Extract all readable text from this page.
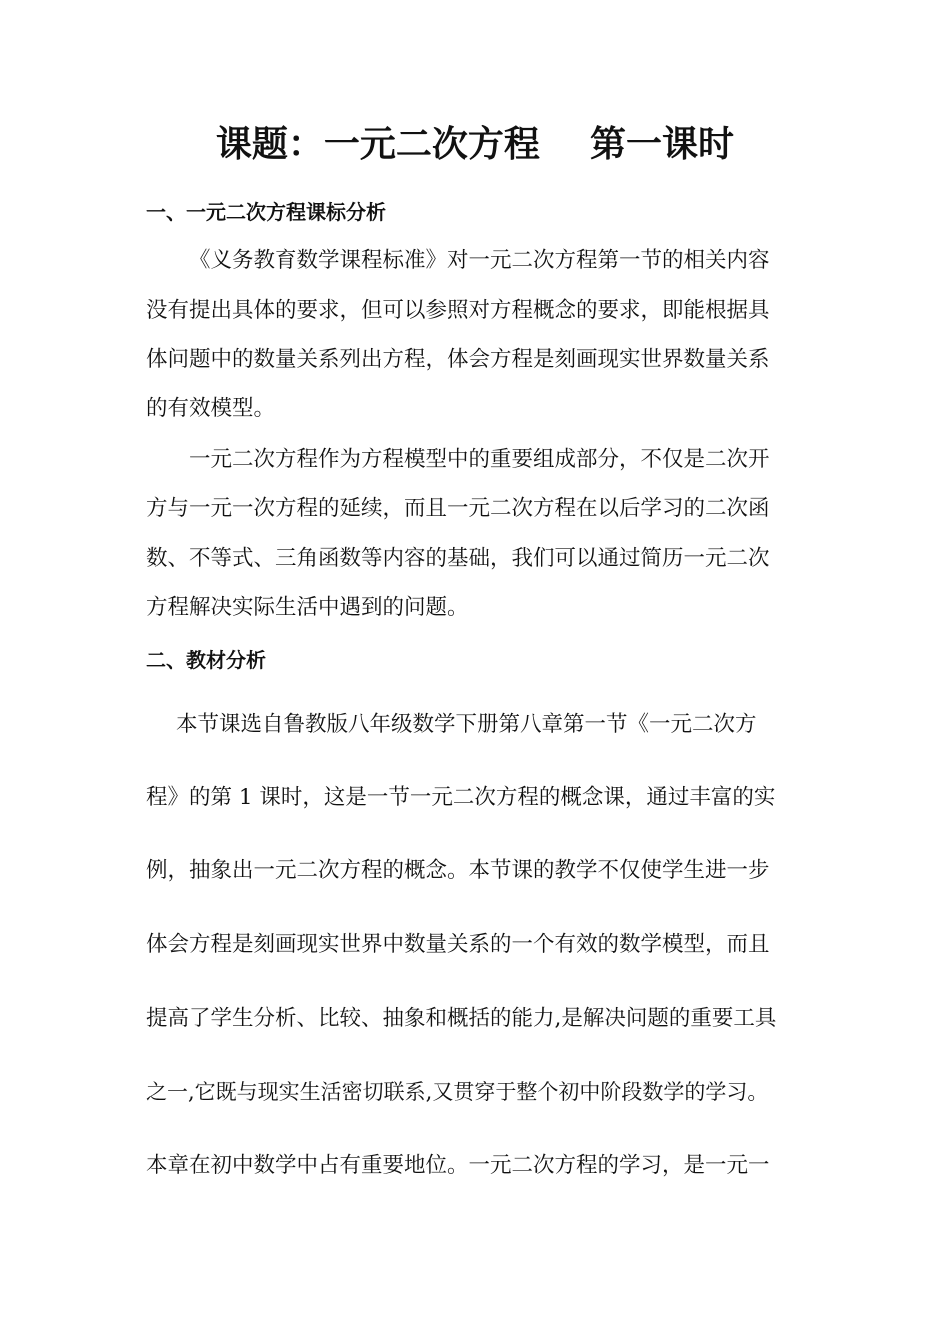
课题：一元二次方程    第一课时
一、一元二次方程课标分析
《义务教育数学课程标准》对一元二次方程第一节的相关内容
没有提出具体的要求，但可以参照对方程概念的要求，即能根据具
体问题中的数量关系列出方程，体会方程是刻画现实世界数量关系
的有效模型。
一元二次方程作为方程模型中的重要组成部分，不仅是二次开
方与一元一次方程的延续，而且一元二次方程在以后学习的二次函
数、不等式、三角函数等内容的基础，我们可以通过简历一元二次
方程解决实际生活中遇到的问题。
二、教材分析
本节课选自鲁教版八年级数学下册第八章第一节《一元二次方
程》的第 1 课时，这是一节一元二次方程的概念课，通过丰富的实
例，抽象出一元二次方程的概念。本节课的教学不仅使学生进一步
体会方程是刻画现实世界中数量关系的一个有效的数学模型，而且
提高了学生分析、比较、抽象和概括的能力,是解决问题的重要工具
之一,它既与现实生活密切联系,又贯穿于整个初中阶段数学的学习。
本章在初中数学中占有重要地位。一元二次方程的学习，是一元一
